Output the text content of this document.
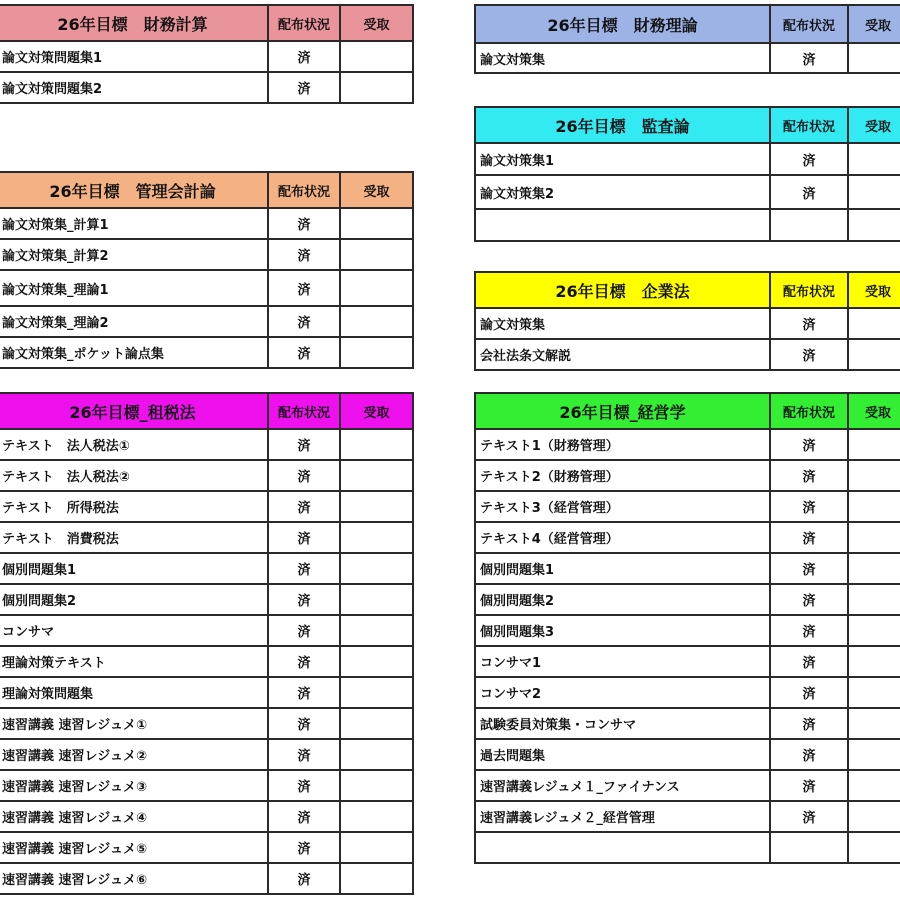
26年目標　財務計算	配布状況	受取
論文対策問題集1	済	
論文対策問題集2	済	
26年目標　管理会計論	配布状況	受取
論文対策集_計算1	済	
論文対策集_計算2	済	
論文対策集_理論1	済	
論文対策集_理論2	済	
論文対策集_ポケット論点集	済	
26年目標_租税法	配布状況	受取
テキスト　法人税法①	済	
テキスト　法人税法②	済	
テキスト　所得税法	済	
テキスト　消費税法	済	
個別問題集1	済	
個別問題集2	済	
コンサマ	済	
理論対策テキスト	済	
理論対策問題集	済	
速習講義 速習レジュメ①	済	
速習講義 速習レジュメ②	済	
速習講義 速習レジュメ③	済	
速習講義 速習レジュメ④	済	
速習講義 速習レジュメ⑤	済	
速習講義 速習レジュメ⑥	済	
26年目標　財務理論	配布状況	受取
論文対策集	済	
26年目標　監査論	配布状況	受取
論文対策集1	済	
論文対策集2	済	

26年目標　企業法	配布状況	受取
論文対策集	済	
会社法条文解説	済	
26年目標_経営学	配布状況	受取
テキスト1（財務管理）	済	
テキスト2（財務管理）	済	
テキスト3（経営管理）	済	
テキスト4（経営管理）	済	
個別問題集1	済	
個別問題集2	済	
個別問題集3	済	
コンサマ1	済	
コンサマ2	済	
試験委員対策集・コンサマ	済	
過去問題集	済	
速習講義レジュメ１_ファイナンス	済	
速習講義レジュメ２_経営管理	済	
